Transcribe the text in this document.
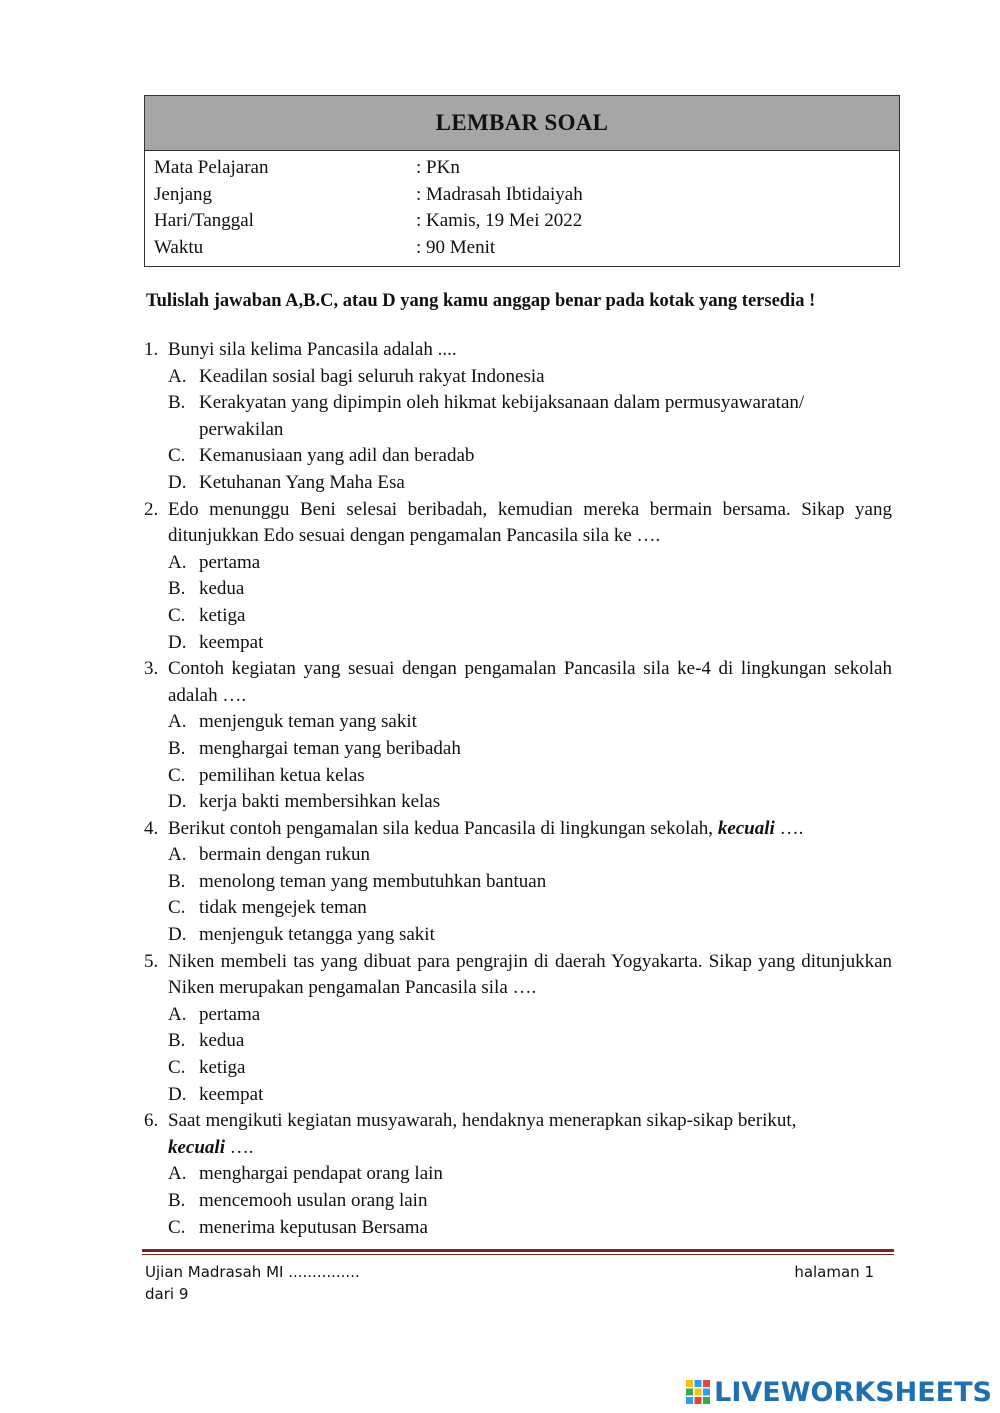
LEMBAR SOAL
Mata Pelajaran	: PKn
Jenjang	: Madrasah Ibtidaiyah
Hari/Tanggal	: Kamis, 19 Mei 2022
Waktu	: 90 Menit
Tulislah jawaban A,B.C, atau D yang kamu anggap benar pada kotak yang tersedia !
1. Bunyi sila kelima Pancasila adalah ....
A. Keadilan sosial bagi seluruh rakyat Indonesia
B. Kerakyatan yang dipimpin oleh hikmat kebijaksanaan dalam permusyawaratan/ perwakilan
C. Kemanusiaan yang adil dan beradab
D. Ketuhanan Yang Maha Esa
2. Edo menunggu Beni selesai beribadah, kemudian mereka bermain bersama. Sikap yang ditunjukkan Edo sesuai dengan pengamalan Pancasila sila ke ….
A. pertama
B. kedua
C. ketiga
D. keempat
3. Contoh kegiatan yang sesuai dengan pengamalan Pancasila sila ke-4 di lingkungan sekolah adalah ….
A. menjenguk teman yang sakit
B. menghargai teman yang beribadah
C. pemilihan ketua kelas
D. kerja bakti membersihkan kelas
4. Berikut contoh pengamalan sila kedua Pancasila di lingkungan sekolah, kecuali ….
A. bermain dengan rukun
B. menolong teman yang membutuhkan bantuan
C. tidak mengejek teman
D. menjenguk tetangga yang sakit
5. Niken membeli tas yang dibuat para pengrajin di daerah Yogyakarta. Sikap yang ditunjukkan Niken merupakan pengamalan Pancasila sila ….
A. pertama
B. kedua
C. ketiga
D. keempat
6. Saat mengikuti kegiatan musyawarah, hendaknya menerapkan sikap-sikap berikut,
kecuali ….
A. menghargai pendapat orang lain
B. mencemooh usulan orang lain
C. menerima keputusan Bersama
Ujian Madrasah MI ...............
dari 9
halaman 1
LIVEWORKSHEETS
